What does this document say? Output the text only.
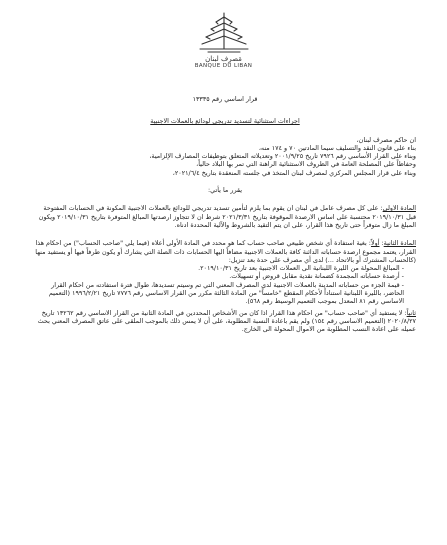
مَصرِف لبنان
BANQUE DU LIBAN

قرار اساسي رقم ١٣٣٣٥

اجراءات استثنائية لتسديد تدريجي لودائع بالعملات الاجنبية

ان حاكم مصرف لبنان،

بناء على قانون النقد والتسليف سيما المادتين ٧٠ و ١٧٤ منه،

وبناء على القرار الأساسي رقم ٧٩٢٦ تاريخ ٢٠٠١/٩/٢٥ وتعديلاته المتعلق بتوظيفات المصارف الإلزامية،

وحفاظاً على المصلحة العامة في الظروف الاستثنائية الراهنة التي تمر بها البلاد حالياً،

وبناء على قرار المجلس المركزي لمصرف لبنان المتخذ في جلسته المنعقدة بتاريخ ٢٠٢١/٦/٤،

يقرر ما يأتي:

المادة الاولى: على كل مصرف عامل في لبنان ان يقوم بما يلزم لتأمين تسديد تدريجي للودائع بالعملات الاجنبية المكونة في الحسابات المفتوحة قبل ٢٠١٩/١٠/٣١ محتسبة على اساس الارصدة الموقوفة بتاريخ ٢٠٢١/٣/٣١ شرط ان لا تتجاوز ارصدتها المبالغ المتوفرة بتاريخ ٢٠١٩/١٠/٣١ ويكون المبلغ ما زال متوفراً حتى تاريخ هذا القرار، على ان يتم التقيد بالشروط والآلية المحددة ادناه.

المادة الثانية: أولاً: بغية استفادة أي شخص طبيعي صاحب حساب كما هو محدد في المادة الأولى أعلاه (فيما يلي "صاحب الحساب") من احكام هذا القرار، يعتمد مجموع ارصدة حساباته الدائنة كافة بالعملات الاجنبية مضافاً اليها الحسابات ذات الصلة التي يشارك أو يكون طرفاً فيها أو يستفيد منها (كالحساب المشترك أو بالاتحاد ...) لدى أي مصرف على حدة بعد تنزيل:

- المبالغ المحولة من الليرة اللبنانية الى العملات الاجنبية بعد تاريخ ٢٠١٩/١٠/٣١.

- أرصدة حساباته المجمدة كضمانة نقدية مقابل قروض أو تسهيلات.

- قيمة الجزء من حساباته المدينة بالعملات الاجنبية لدى المصرف المعني التي تم وسيتم تسديدها، طوال فترة استفادته من احكام القرار الحاضر، بالليرة اللبنانية استناداً لأحكام المقطع "خامساً" من المادة الثالثة مكرر من القرار الاساسي رقم ٧٧٧٦ تاريخ ١٩٩٦/٢/٢١ (التعميم الاساسي رقم ٨١ المعدل بموجب التعميم الوسيط رقم ٥٦٨).

ثانياً: لا يستفيد أي "صاحب حساب" من احكام هذا القرار اذا كان من الأشخاص المحددين في المادة الثانية من القرار الاساسي رقم ١٣٢٦٢ تاريخ ٢٠٢٠/٨/٢٧ (التعميم الاساسي رقم ١٥٤) ولم يقم باعادة النسبة المطلوبة، على أن لا يمس ذلك بالموجب الملقى على عاتق المصرف المعني بحث عميله على اعادة النسب المطلوبة من الاموال المحولة الى الخارج.
